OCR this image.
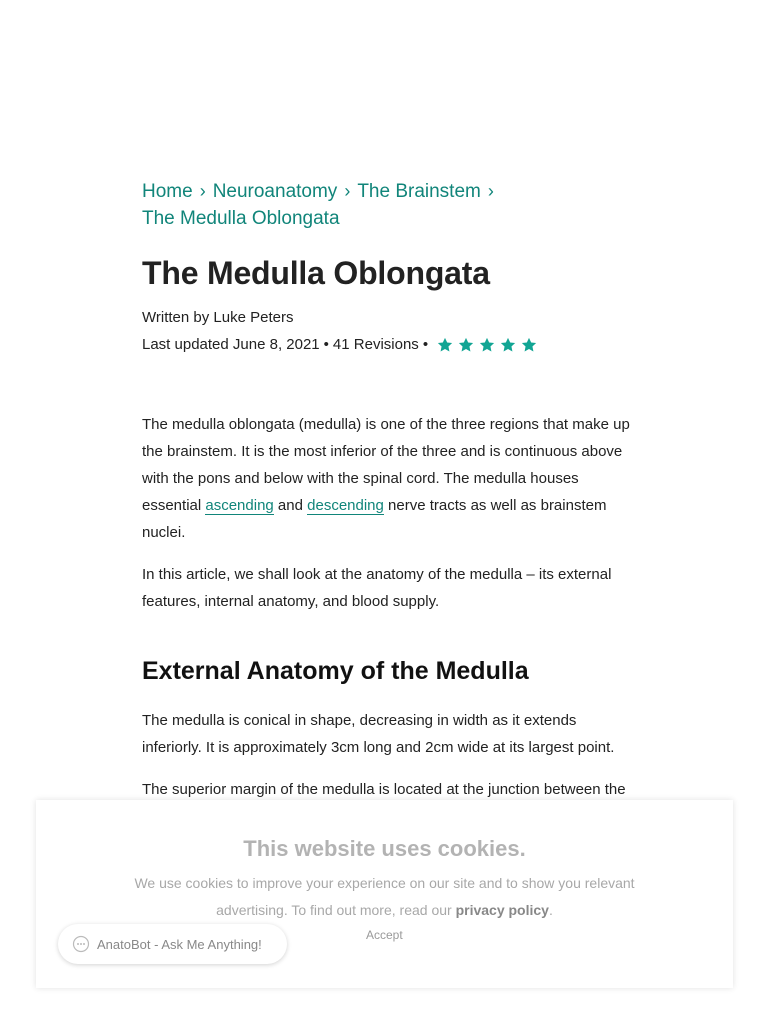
Home › Neuroanatomy › The Brainstem ›
The Medulla Oblongata
The Medulla Oblongata
Written by Luke Peters
Last updated June 8, 2021 • 41 Revisions •

The medulla oblongata (medulla) is one of the three regions that make up the brainstem. It is the most inferior of the three and is continuous above with the pons and below with the spinal cord. The medulla houses essential ascending and descending nerve tracts as well as brainstem nuclei.

In this article, we shall look at the anatomy of the medulla – its external features, internal anatomy, and blood supply.

External Anatomy of the Medulla

The medulla is conical in shape, decreasing in width as it extends inferiorly. It is approximately 3cm long and 2cm wide at its largest point.

The superior margin of the medulla is located at the junction between the

This website uses cookies.
We use cookies to improve your experience on our site and to show you relevant advertising. To find out more, read our privacy policy.
Accept
AnatoBot - Ask Me Anything!
